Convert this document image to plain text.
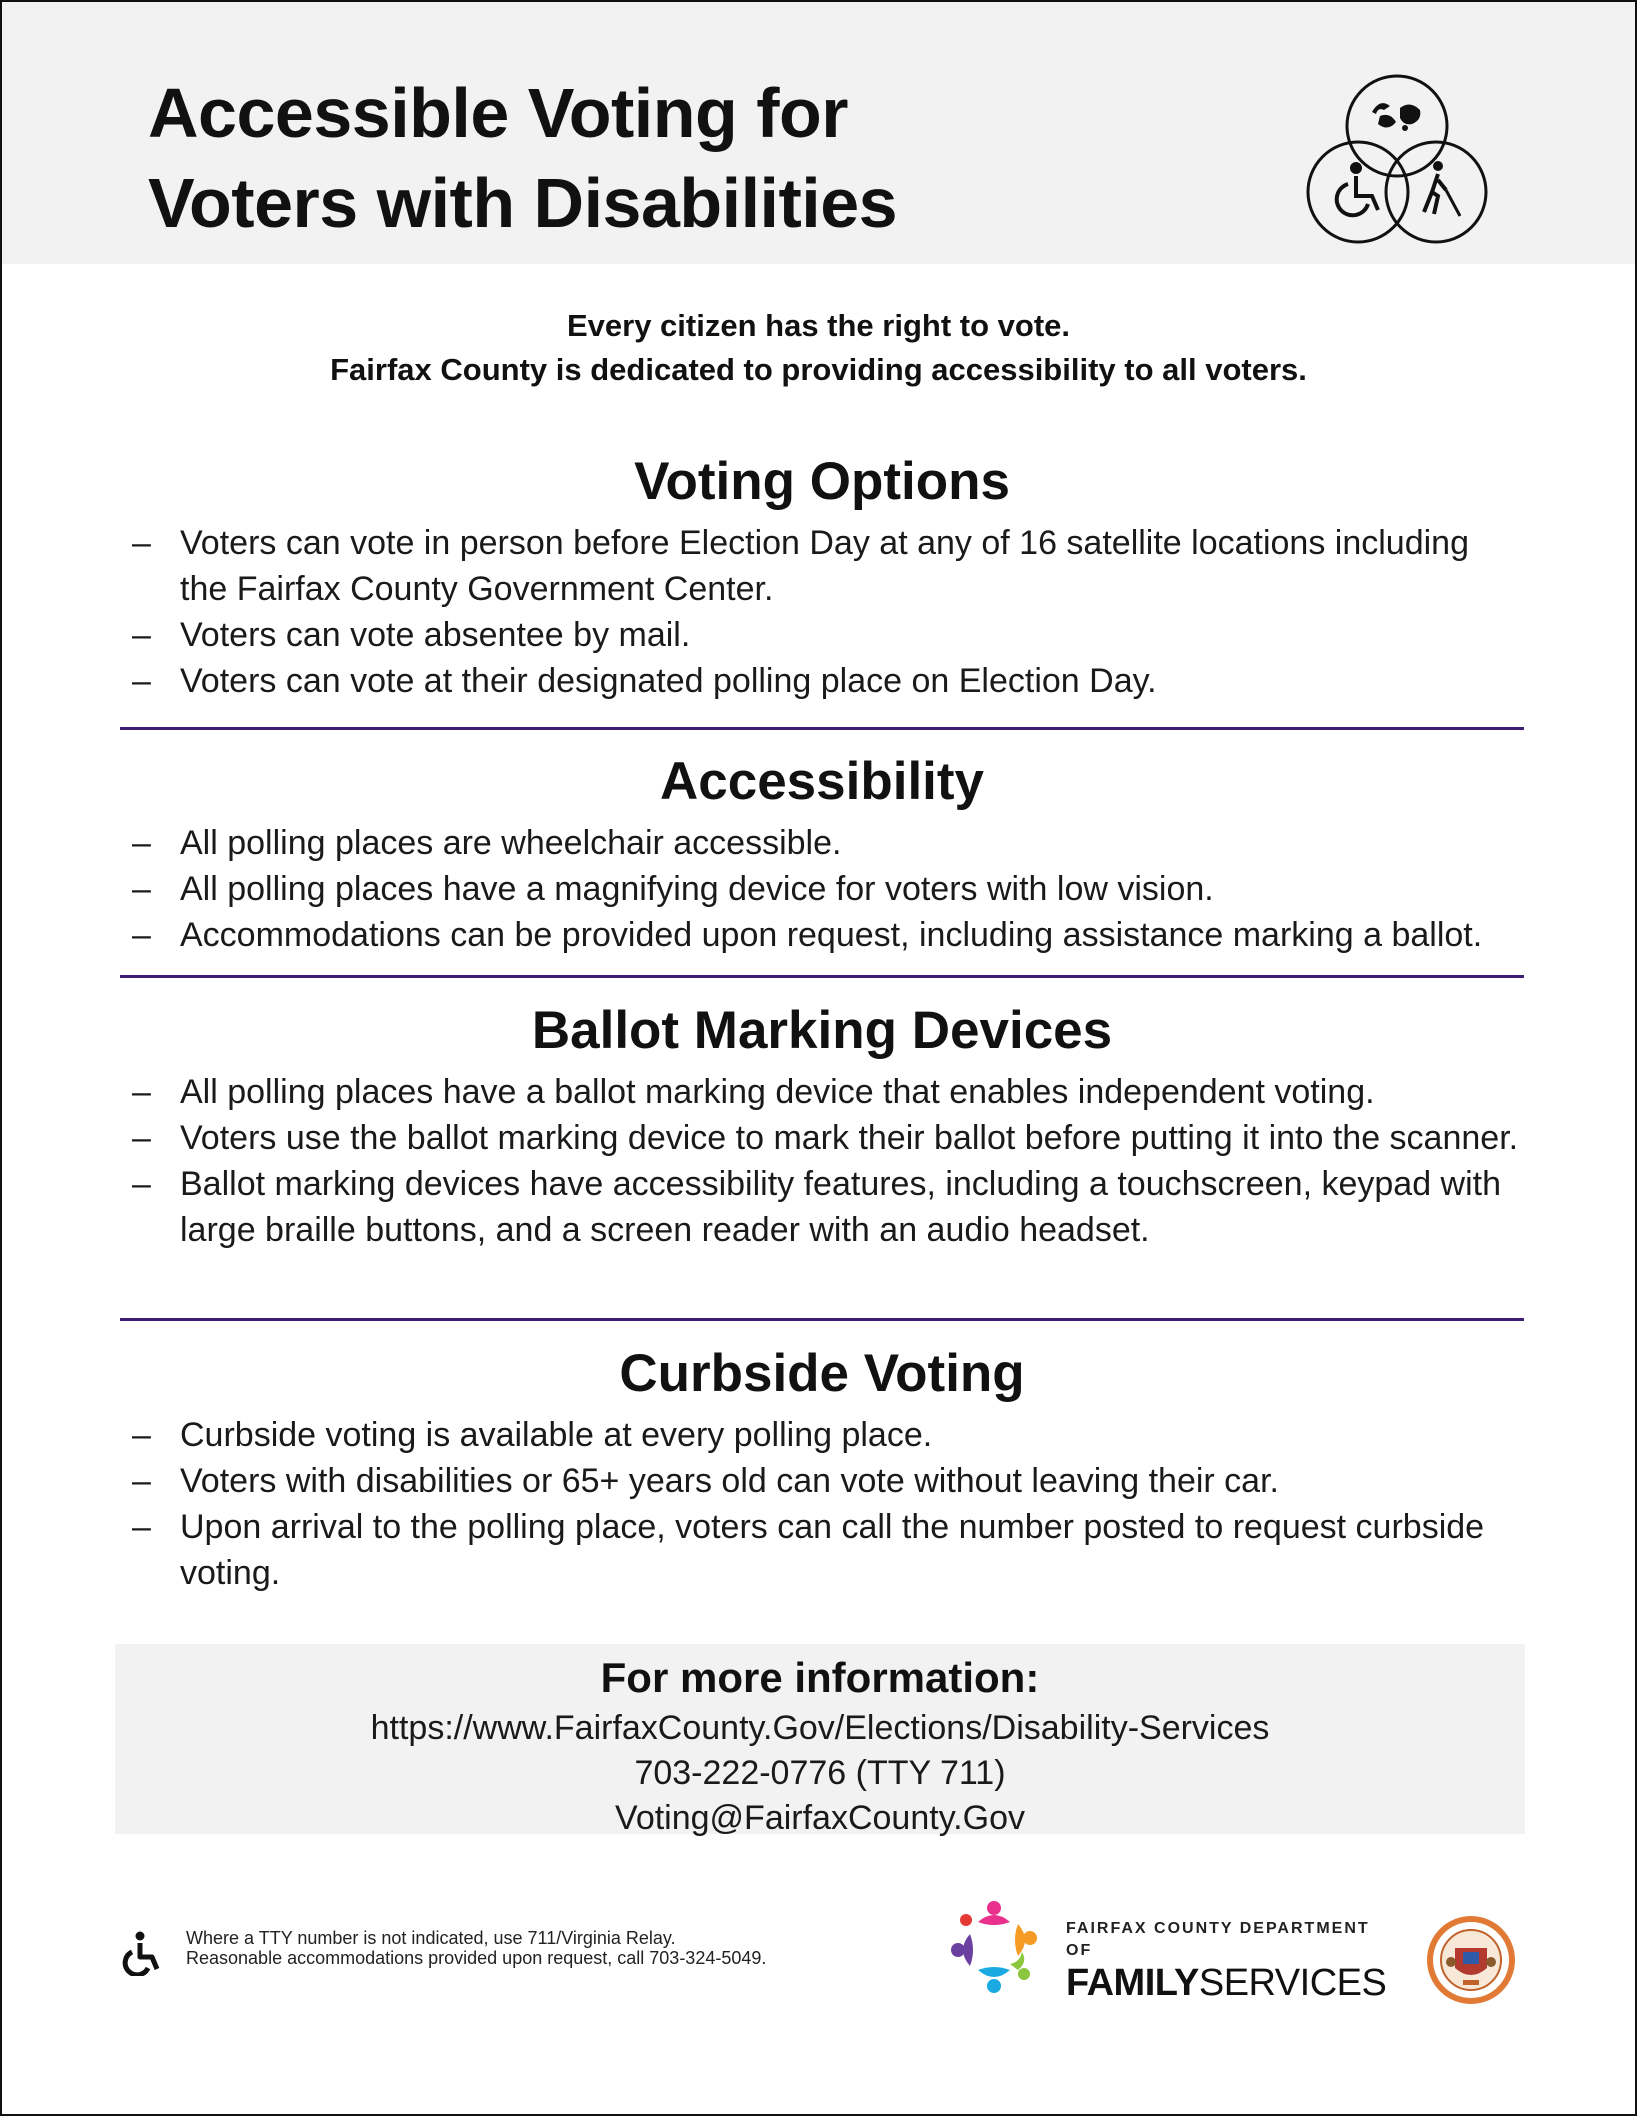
Accessible Voting for
Voters with Disabilities
Every citizen has the right to vote.
Fairfax County is dedicated to providing accessibility to all voters.
Voting Options
– Voters can vote in person before Election Day at any of 16 satellite locations including the Fairfax County Government Center.
– Voters can vote absentee by mail.
– Voters can vote at their designated polling place on Election Day.
Accessibility
– All polling places are wheelchair accessible.
– All polling places have a magnifying device for voters with low vision.
– Accommodations can be provided upon request, including assistance marking a ballot.
Ballot Marking Devices
– All polling places have a ballot marking device that enables independent voting.
– Voters use the ballot marking device to mark their ballot before putting it into the scanner.
– Ballot marking devices have accessibility features, including a touchscreen, keypad with large braille buttons, and a screen reader with an audio headset.
Curbside Voting
– Curbside voting is available at every polling place.
– Voters with disabilities or 65+ years old can vote without leaving their car.
– Upon arrival to the polling place, voters can call the number posted to request curbside voting.
For more information:
https://www.FairfaxCounty.Gov/Elections/Disability-Services
703-222-0776 (TTY 711)
Voting@FairfaxCounty.Gov
Where a TTY number is not indicated, use 711/Virginia Relay.
Reasonable accommodations provided upon request, call 703-324-5049.
FAIRFAX COUNTY DEPARTMENT OF
FAMILYSERVICES
